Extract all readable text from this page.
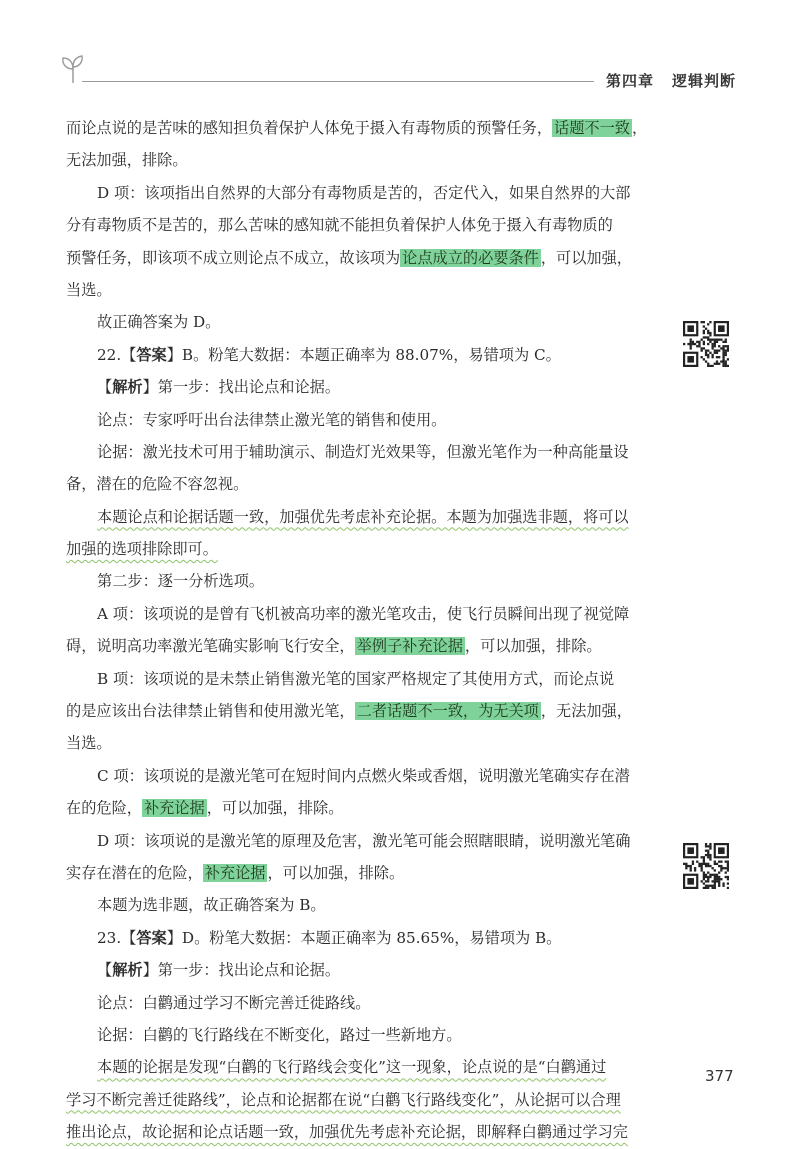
第四章 逻辑判断
而论点说的是苦味的感知担负着保护人体免于摄入有毒物质的预警任务， 话题不一致 ，
无法加强，排除。
D 项：该项指出自然界的大部分有毒物质是苦的，否定代入，如果自然界的大部
分有毒物质不是苦的，那么苦味的感知就不能担负着保护人体免于摄入有毒物质的
预警任务，即该项不成立则论点不成立，故该项为 论点成立的必要条件 ，可以加强，
当选。
故正确答案为 D。
22.【答案】B。粉笔大数据：本题正确率为 88.07%，易错项为 C。
【解析】第一步：找出论点和论据。
论点：专家呼吁出台法律禁止激光笔的销售和使用。
论据：激光技术可用于辅助演示、制造灯光效果等，但激光笔作为一种高能量设
备，潜在的危险不容忽视。
本题论点和论据话题一致，加强优先考虑补充论据。本题为加强选非题，将可以
加强的选项排除即可。
第二步：逐一分析选项。
A 项：该项说的是曾有飞机被高功率的激光笔攻击，使飞行员瞬间出现了视觉障
碍，说明高功率激光笔确实影响飞行安全， 举例子补充论据 ，可以加强，排除。
B 项：该项说的是未禁止销售激光笔的国家严格规定了其使用方式，而论点说
的是应该出台法律禁止销售和使用激光笔， 二者话题不一致，为无关项 ，无法加强，
当选。
C 项：该项说的是激光笔可在短时间内点燃火柴或香烟，说明激光笔确实存在潜
在的危险， 补充论据 ，可以加强，排除。
D 项：该项说的是激光笔的原理及危害，激光笔可能会照瞎眼睛，说明激光笔确
实存在潜在的危险， 补充论据 ，可以加强，排除。
本题为选非题，故正确答案为 B。
23.【答案】D。粉笔大数据：本题正确率为 85.65%，易错项为 B。
【解析】第一步：找出论点和论据。
论点：白鹳通过学习不断完善迁徙路线。
论据：白鹳的飞行路线在不断变化，路过一些新地方。
本题的论据是发现“白鹳的飞行路线会变化”这一现象，论点说的是“白鹳通过
学习不断完善迁徙路线”，论点和论据都在说“白鹳飞行路线变化”，从论据可以合理
推出论点，故论据和论点话题一致，加强优先考虑补充论据，即解释白鹳通过学习完
377
